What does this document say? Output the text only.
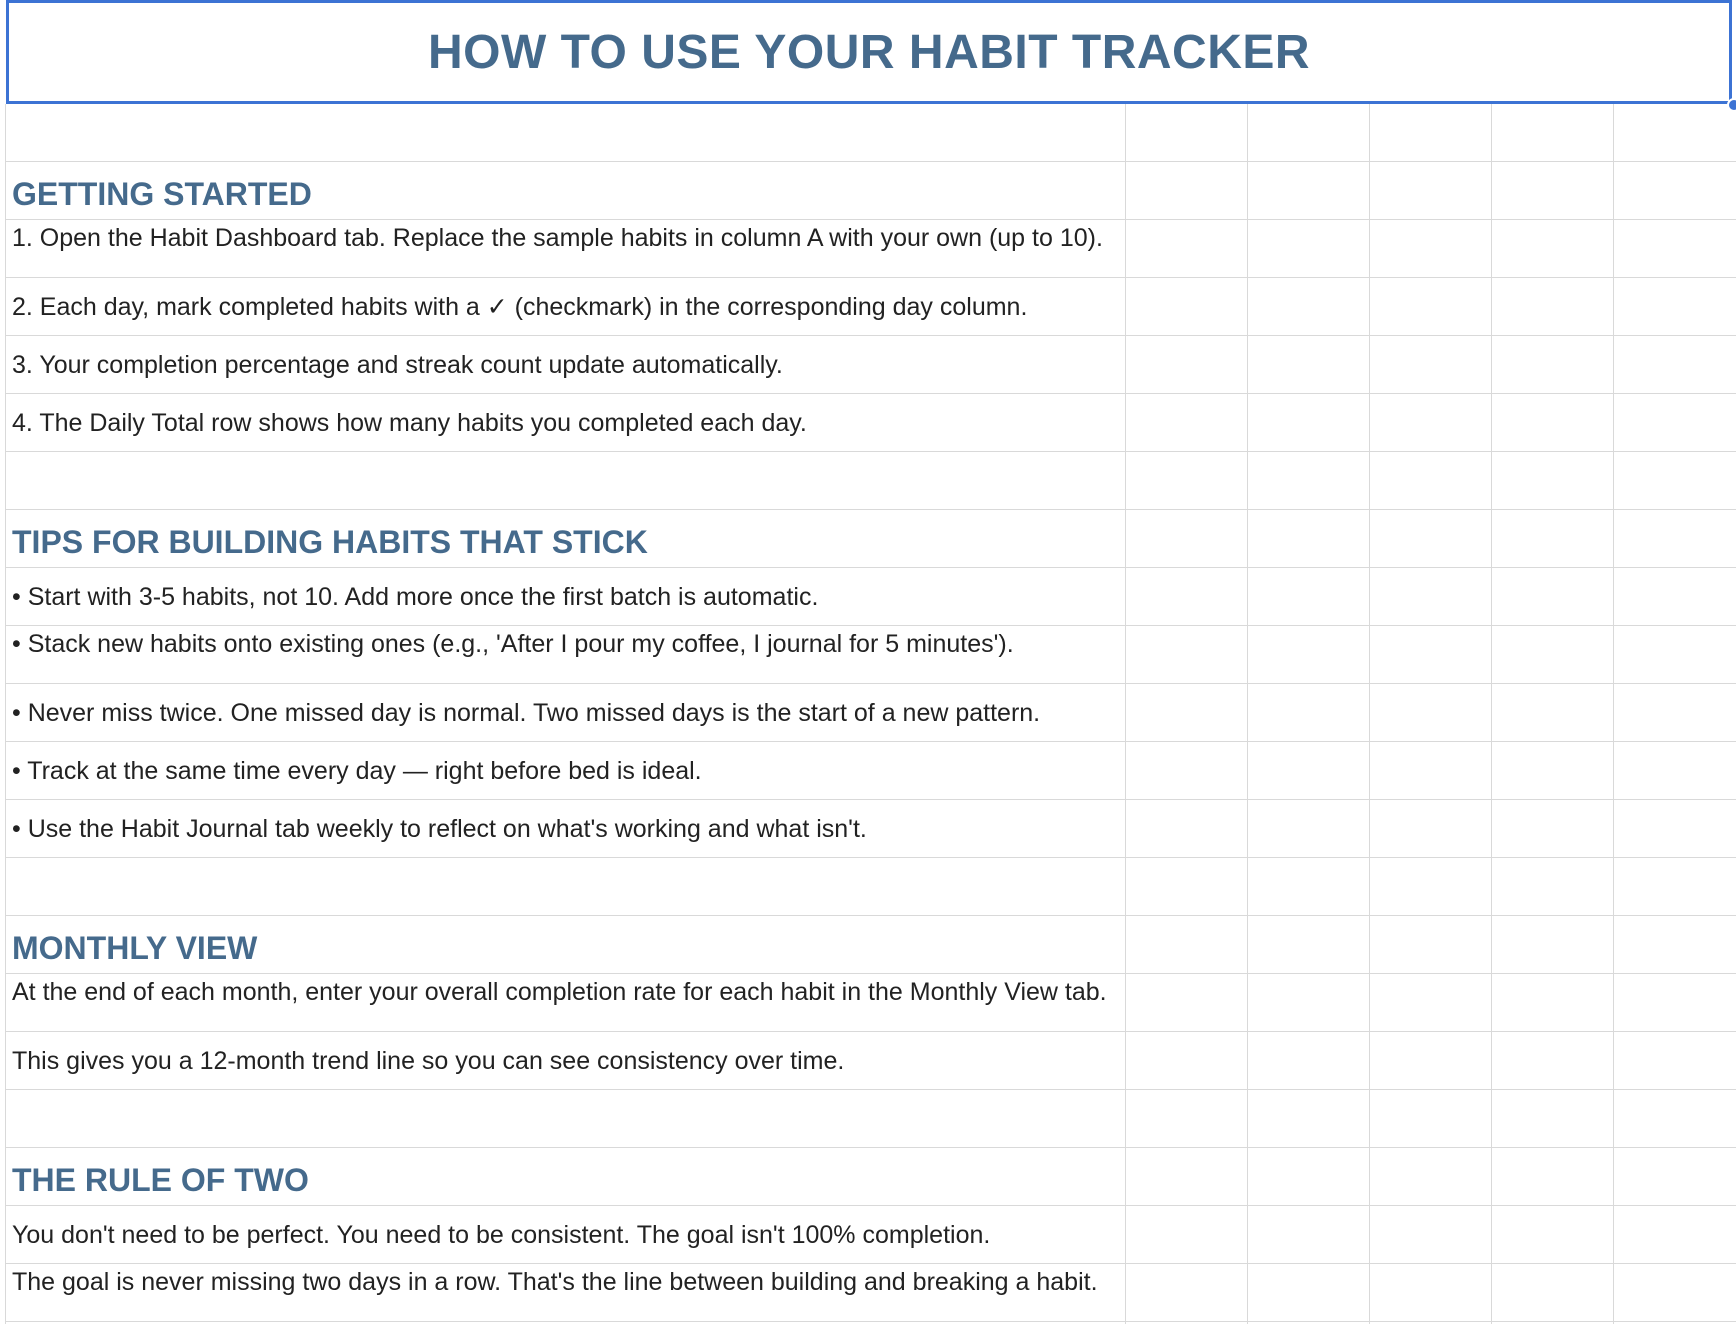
GETTING STARTED
1. Open the Habit Dashboard tab. Replace the sample habits in column A with your own (up to 10).
2. Each day, mark completed habits with a ✓ (checkmark) in the corresponding day column.
3. Your completion percentage and streak count update automatically.
4. The Daily Total row shows how many habits you completed each day.
TIPS FOR BUILDING HABITS THAT STICK
• Start with 3-5 habits, not 10. Add more once the first batch is automatic.
• Stack new habits onto existing ones (e.g., 'After I pour my coffee, I journal for 5 minutes').
• Never miss twice. One missed day is normal. Two missed days is the start of a new pattern.
• Track at the same time every day — right before bed is ideal.
• Use the Habit Journal tab weekly to reflect on what's working and what isn't.
MONTHLY VIEW
At the end of each month, enter your overall completion rate for each habit in the Monthly View tab.
This gives you a 12-month trend line so you can see consistency over time.
THE RULE OF TWO
You don't need to be perfect. You need to be consistent. The goal isn't 100% completion.
The goal is never missing two days in a row. That's the line between building and breaking a habit.
HOW TO USE YOUR HABIT TRACKER
